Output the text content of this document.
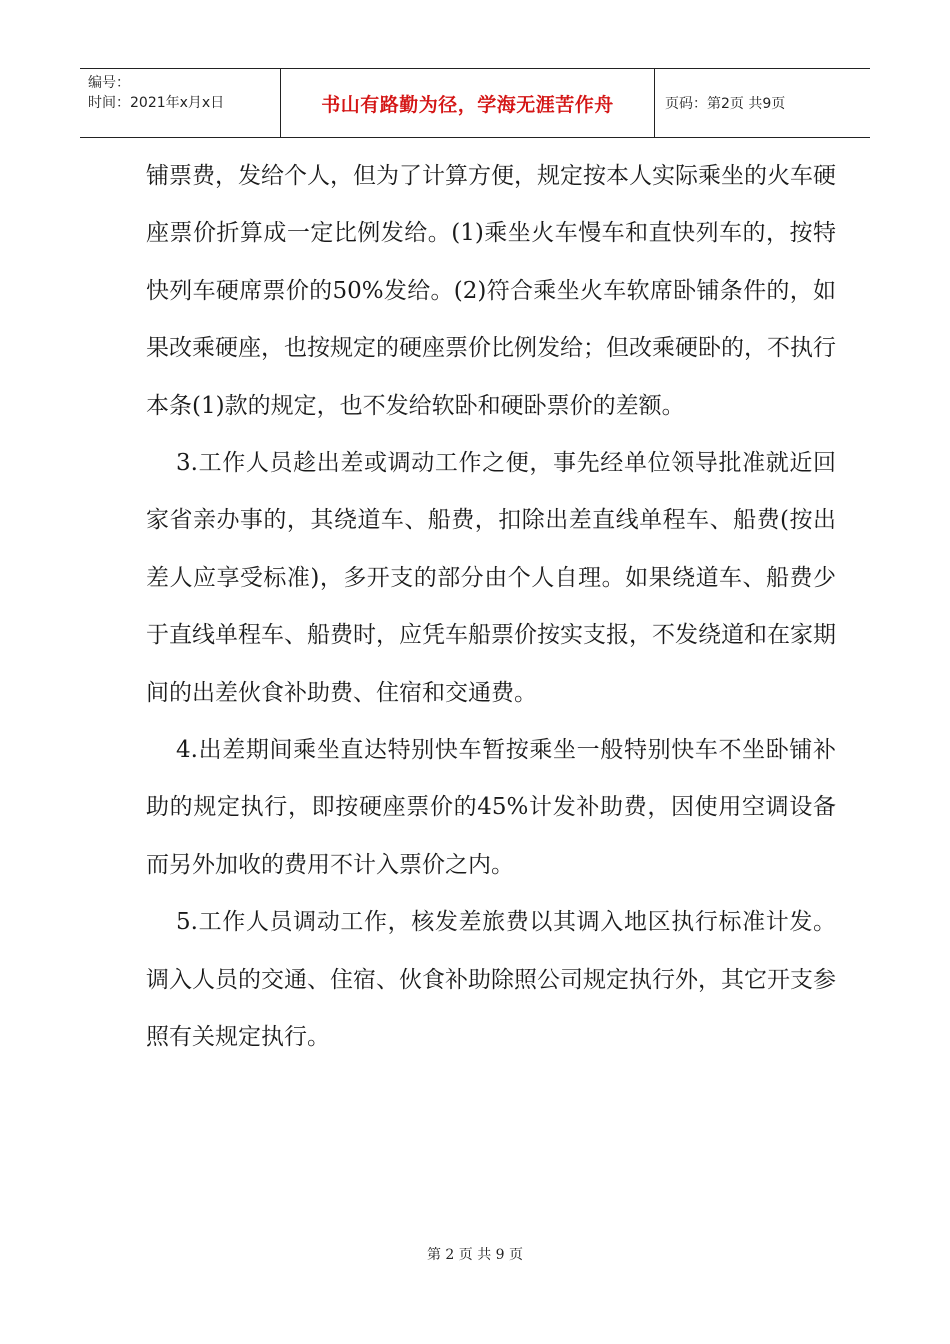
编号：
时间：2021年x月x日	书山有路勤为径，学海无涯苦作舟	页码：第2页 共9页

铺票费，发给个人，但为了计算方便，规定按本人实际乘坐的火车硬座票价折算成一定比例发给。(1)乘坐火车慢车和直快列车的，按特快列车硬席票价的50%发给。(2)符合乘坐火车软席卧铺条件的，如果改乘硬座，也按规定的硬座票价比例发给；但改乘硬卧的，不执行本条(1)款的规定，也不发给软卧和硬卧票价的差额。

3.工作人员趁出差或调动工作之便，事先经单位领导批准就近回家省亲办事的，其绕道车、船费，扣除出差直线单程车、船费(按出差人应享受标准)，多开支的部分由个人自理。如果绕道车、船费少于直线单程车、船费时，应凭车船票价按实支报，不发绕道和在家期间的出差伙食补助费、住宿和交通费。

4.出差期间乘坐直达特别快车暂按乘坐一般特别快车不坐卧铺补助的规定执行，即按硬座票价的45%计发补助费，因使用空调设备而另外加收的费用不计入票价之内。

5.工作人员调动工作，核发差旅费以其调入地区执行标准计发。调入人员的交通、住宿、伙食补助除照公司规定执行外，其它开支参照有关规定执行。

第 2 页 共 9 页
